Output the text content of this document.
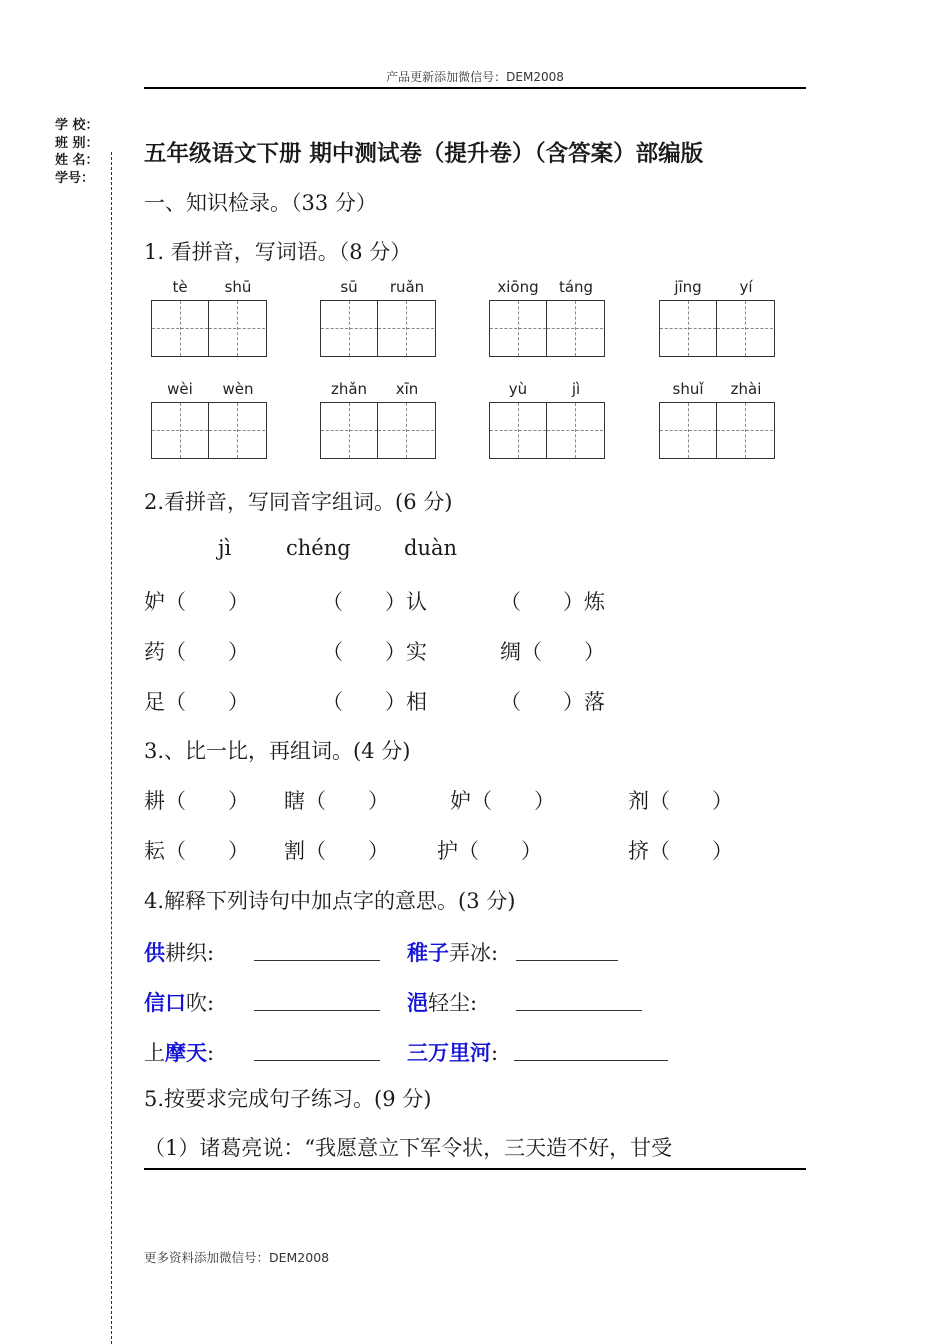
产品更新添加微信号：DEM2008
学 校：
班 别：
姓 名：
学号：
五年级语文下册 期中测试卷（提升卷）（含答案）部编版
一、知识检录。（33 分）
1. 看拼音，写词语。（8 分）
tè	shū	sū	ruǎn	xiōng	táng	jīng	yí
wèi	wèn	zhǎn	xīn	yù	jì	shuǐ	zhài
2.看拼音，写同音字组词。(6 分)
jì	chéng	duàn
妒（　　）	（　　）认	（　　）炼
药（　　）	（　　）实	绸（　　）
足（　　）	（　　）相	（　　）落
3.、比一比，再组词。(4 分)
耕（　　） 瞎（　　）	妒（　　）	剂（　　）
耘（　　） 割（　　） 护（　　）	挤（　　）
4.解释下列诗句中加点字的意思。(3 分)
供耕织:	稚子弄冰:
信口吹:	浥轻尘:
上摩天:	三万里河:
5.按要求完成句子练习。(9 分)
（1）诸葛亮说：“我愿意立下军令状，三天造不好，甘受
更多资料添加微信号：DEM2008
